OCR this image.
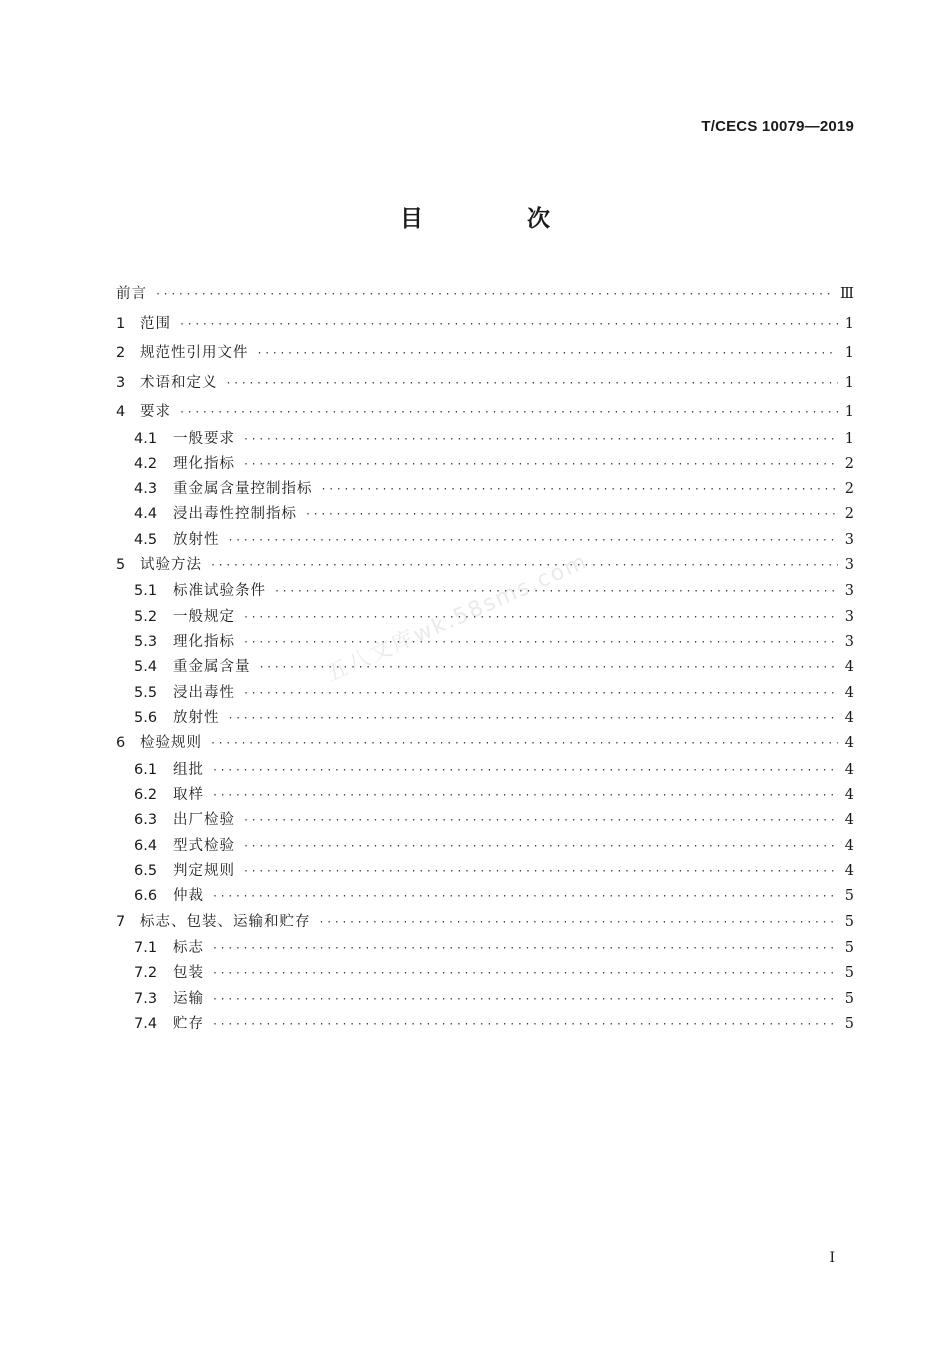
T/CECS 10079—2019
目 次
前言 ·····	Ⅲ
1	范围 ·····	1
2	规范性引用文件 ·····	1
3	术语和定义 ·····	1
4	要求 ·····	1
4.1	一般要求 ·····	1
4.2	理化指标 ·····	2
4.3	重金属含量控制指标 ·····	2
4.4	浸出毒性控制指标 ·····	2
4.5	放射性 ·····	3
5	试验方法 ·····	3
5.1	标准试验条件 ·····	3
5.2	一般规定 ·····	3
5.3	理化指标 ·····	3
5.4	重金属含量 ·····	4
5.5	浸出毒性 ·····	4
5.6	放射性 ·····	4
6	检验规则 ·····	4
6.1	组批 ·····	4
6.2	取样 ·····	4
6.3	出厂检验 ·····	4
6.4	型式检验 ·····	4
6.5	判定规则 ·····	4
6.6	仲裁 ·····	5
7	标志、包装、运输和贮存 ·····	5
7.1	标志 ·····	5
7.2	包装 ·····	5
7.3	运输 ·····	5
7.4	贮存 ·····	5
五八文库wk.58sms.com
I
